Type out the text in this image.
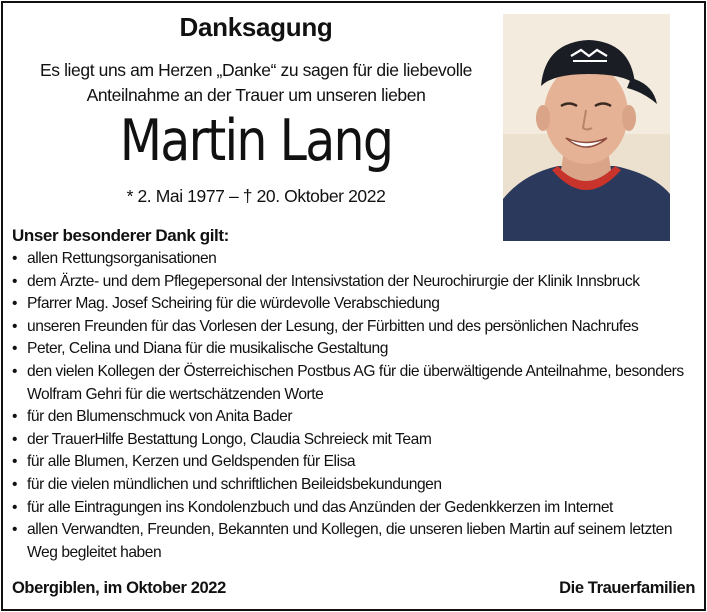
Danksagung
Es liegt uns am Herzen „Danke“ zu sagen für die liebevolle
Anteilnahme an der Trauer um unseren lieben
Martin Lang
* 2. Mai 1977 – † 20. Oktober 2022
Unser besonderer Dank gilt:
• allen Rettungsorganisationen
• dem Ärzte- und dem Pflegepersonal der Intensivstation der Neurochirurgie der Klinik Innsbruck
• Pfarrer Mag. Josef Scheiring für die würdevolle Verabschiedung
• unseren Freunden für das Vorlesen der Lesung, der Fürbitten und des persönlichen Nachrufes
• Peter, Celina und Diana für die musikalische Gestaltung
• den vielen Kollegen der Österreichischen Postbus AG für die überwältigende Anteilnahme, besonders Wolfram Gehri für die wertschätzenden Worte
• für den Blumenschmuck von Anita Bader
• der TrauerHilfe Bestattung Longo, Claudia Schreieck mit Team
• für alle Blumen, Kerzen und Geldspenden für Elisa
• für die vielen mündlichen und schriftlichen Beileidsbekundungen
• für alle Eintragungen ins Kondolenzbuch und das Anzünden der Gedenkkerzen im Internet
• allen Verwandten, Freunden, Bekannten und Kollegen, die unseren lieben Martin auf seinem letzten Weg begleitet haben
Obergiblen, im Oktober 2022	Die Trauerfamilien
